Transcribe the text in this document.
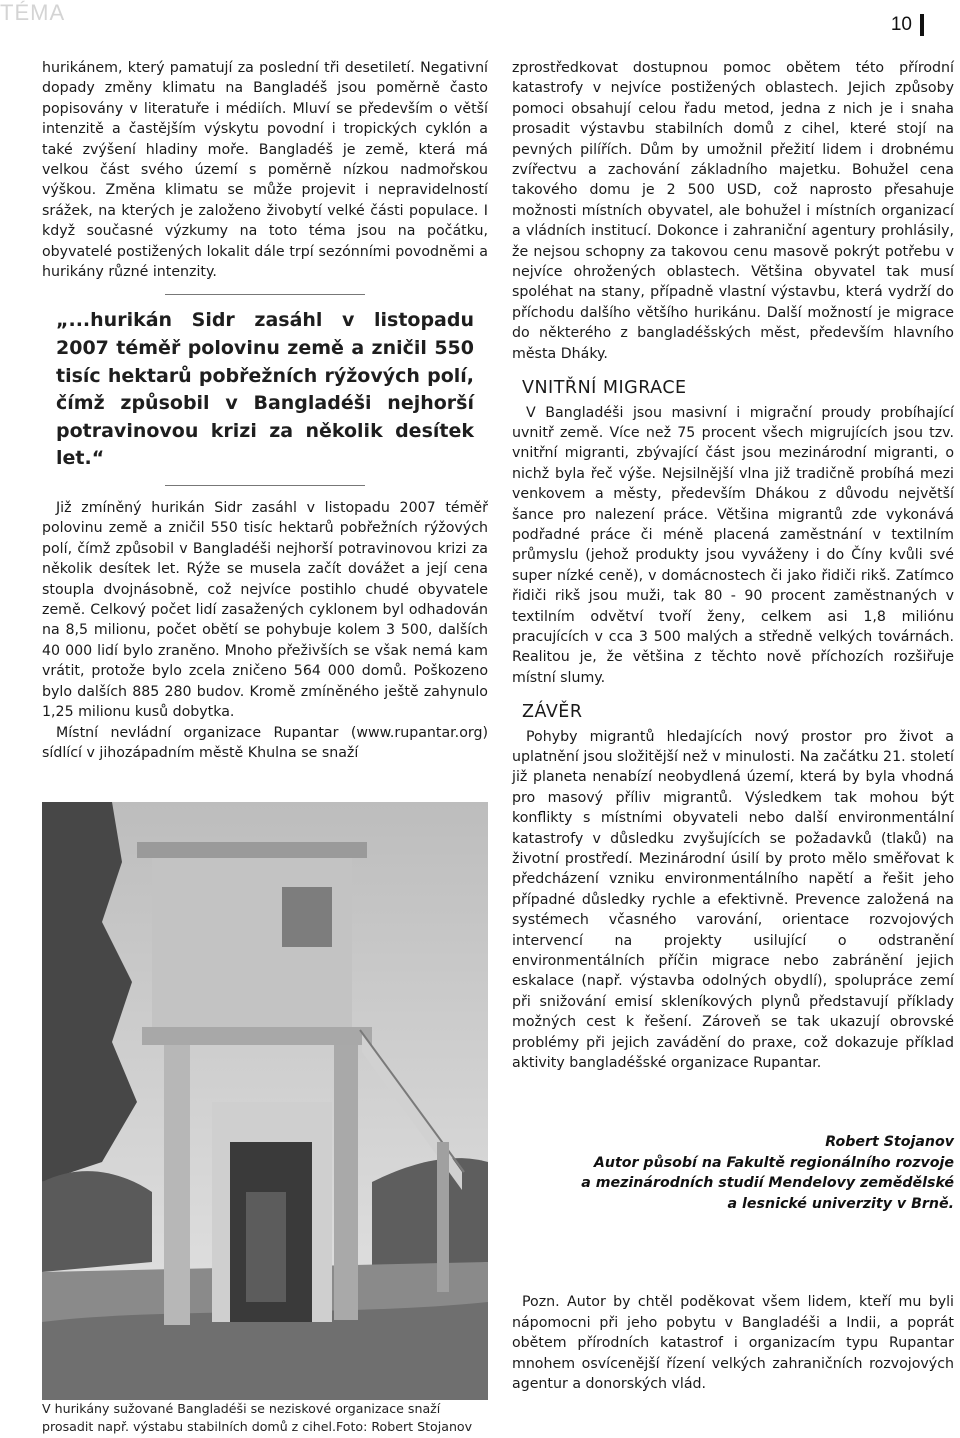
TÉMA	10

hurikánem, který pamatují za poslední tři desetiletí. Negativní dopady změny klimatu na Bangladéš jsou poměrně často popisovány v literatuře i médiích. Mluví se především o větší intenzitě a častějším výskytu povodní i tropických cyklón a také zvýšení hladiny moře. Bangladéš je země, která má velkou část svého území s poměrně nízkou nadmořskou výškou. Změna klimatu se může projevit i nepravidelností srážek, na kterých je založeno živobytí velké části populace. I když současné výzkumy na toto téma jsou na počátku, obyvatelé postižených lokalit dále trpí sezónními povodněmi a hurikány různé intenzity.

„...hurikán Sidr zasáhl v listopadu 2007 téměř polovinu země a zničil 550 tisíc hektarů pobřežních rýžových polí, čímž způsobil v Bangladéši nejhorší potravinovou krizi za několik desítek let.“

Již zmíněný hurikán Sidr zasáhl v listopadu 2007 téměř polovinu země a zničil 550 tisíc hektarů pobřežních rýžových polí, čímž způsobil v Bangladéši nejhorší potravinovou krizi za několik desítek let. Rýže se musela začít dovážet a její cena stoupla dvojnásobně, což nejvíce postihlo chudé obyvatele země. Celkový počet lidí zasažených cyklonem byl odhadován na 8,5 milionu, počet obětí se pohybuje kolem 3 500, dalších 40 000 lidí bylo zraněno. Mnoho přeživších se však nemá kam vrátit, protože bylo zcela zničeno 564 000 domů. Poškozeno bylo dalších 885 280 budov. Kromě zmíněného ještě zahynulo 1,25 milionu kusů dobytka.

Místní nevládní organizace Rupantar (www.rupantar.org) sídlící v jihozápadním městě Khulna se snaží

V hurikány sužované Bangladéši se neziskové organizace snaží prosadit např. výstabu stabilních domů z cihel.Foto: Robert Stojanov

zprostředkovat dostupnou pomoc obětem této přírodní katastrofy v nejvíce postižených oblastech. Jejich způsoby pomoci obsahují celou řadu metod, jedna z nich je i snaha prosadit výstavbu stabilních domů z cihel, které stojí na pevných pilířích. Dům by umožnil přežití lidem i drobnému zvířectvu a zachování základního majetku. Bohužel cena takového domu je 2 500 USD, což naprosto přesahuje možnosti místních obyvatel, ale bohužel i místních organizací a vládních institucí. Dokonce i zahraniční agentury prohlásily, že nejsou schopny za takovou cenu masově pokrýt potřebu v nejvíce ohrožených oblastech. Většina obyvatel tak musí spoléhat na stany, případně vlastní výstavbu, která vydrží do příchodu dalšího většího hurikánu. Další možností je migrace do některého z bangladéšských měst, především hlavního města Dháky.

VNITŘNÍ MIGRACE

V Bangladéši jsou masivní i migrační proudy probíhající uvnitř země. Více než 75 procent všech migrujících jsou tzv. vnitřní migranti, zbývající část jsou mezinárodní migranti, o nichž byla řeč výše. Nejsilnější vlna již tradičně probíhá mezi venkovem a městy, především Dhákou z důvodu největší šance pro nalezení práce. Většina migrantů zde vykonává podřadné práce či méně placená zaměstnání v textilním průmyslu (jehož produkty jsou vyváženy i do Číny kvůli své super nízké ceně), v domácnostech či jako řidiči rikš. Zatímco řidiči rikš jsou muži, tak 80 - 90 procent zaměstnaných v textilním odvětví tvoří ženy, celkem asi 1,8 miliónu pracujících v cca 3 500 malých a středně velkých továrnách. Realitou je, že většina z těchto nově příchozích rozšiřuje místní slumy.

ZÁVĚR

Pohyby migrantů hledajících nový prostor pro život a uplatnění jsou složitější než v minulosti. Na začátku 21. století již planeta nenabízí neobydlená území, která by byla vhodná pro masový příliv migrantů. Výsledkem tak mohou být konflikty s místními obyvateli nebo další environmentální katastrofy v důsledku zvyšujících se požadavků (tlaků) na životní prostředí. Mezinárodní úsilí by proto mělo směřovat k předcházení vzniku environmentálního napětí a řešit jeho případné důsledky rychle a efektivně. Prevence založená na systémech včasného varování, orientace rozvojových intervencí na projekty usilující o odstranění environmentálních příčin migrace nebo zabránění jejich eskalace (např. výstavba odolných obydlí), spolupráce zemí při snižování emisí skleníkových plynů představují příklady možných cest k řešení. Zároveň se tak ukazují obrovské problémy při jejich zavádění do praxe, což dokazuje příklad aktivity bangladéšské organizace Rupantar.

Robert Stojanov

Autor působí na Fakultě regionálního rozvoje

a mezinárodních studií Mendelovy zemědělské

a lesnické univerzity v Brně.

Pozn. Autor by chtěl poděkovat všem lidem, kteří mu byli nápomocni při jeho pobytu v Bangladéši a Indii, a poprát obětem přírodních katastrof i organizacím typu Rupantar mnohem osvícenější řízení velkých zahraničních rozvojových agentur a donorských vlád.
